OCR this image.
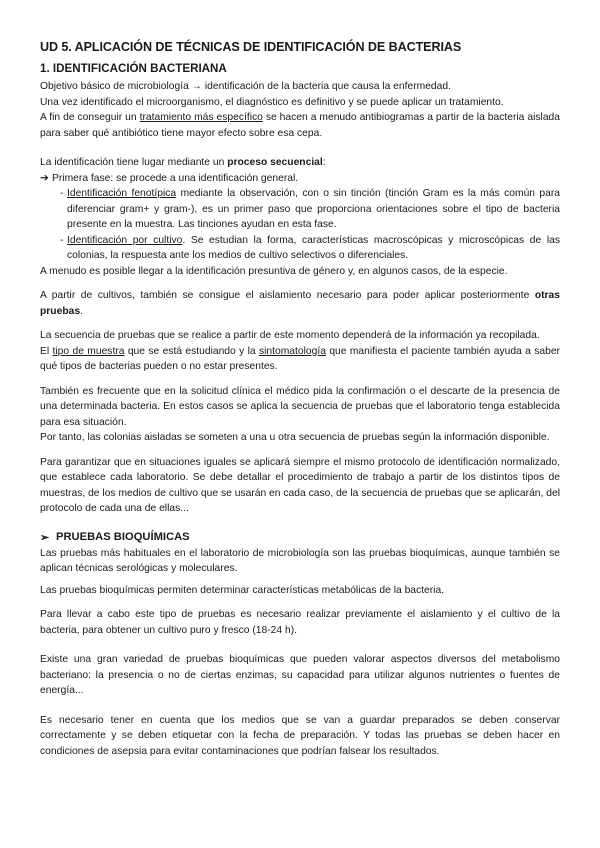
UD 5. APLICACIÓN DE TÉCNICAS DE IDENTIFICACIÓN DE BACTERIAS
1. IDENTIFICACIÓN BACTERIANA

Objetivo básico de microbiología → identificación de la bacteria que causa la enfermedad.

Una vez identificado el microorganismo, el diagnóstico es definitivo y se puede aplicar un tratamiento.

A fin de conseguir un tratamiento más específico se hacen a menudo antibiogramas a partir de la bacteria aislada para saber qué antibiótico tiene mayor efecto sobre esa cepa.

La identificación tiene lugar mediante un proceso secuencial:

➔ Primera fase: se procede a una identificación general.

- Identificación fenotípica mediante la observación, con o sin tinción (tinción Gram es la más común para diferenciar gram+ y gram-), es un primer paso que proporciona orientaciones sobre el tipo de bacteria presente en la muestra. Las tinciones ayudan en esta fase.

- Identificación por cultivo. Se estudian la forma, características macroscópicas y microscópicas de las colonias, la respuesta ante los medios de cultivo selectivos o diferenciales.

A menudo es posible llegar a la identificación presuntiva de género y, en algunos casos, de la especie.

A partir de cultivos, también se consigue el aislamiento necesario para poder aplicar posteriormente otras pruebas.

La secuencia de pruebas que se realice a partir de este momento dependerá de la información ya recopilada.

El tipo de muestra que se está estudiando y la sintomatología que manifiesta el paciente también ayuda a saber qué tipos de bacterias pueden o no estar presentes.

También es frecuente que en la solicitud clínica el médico pida la confirmación o el descarte de la presencia de una determinada bacteria. En estos casos se aplica la secuencia de pruebas que el laboratorio tenga establecida para esa situación.

Por tanto, las colonias aisladas se someten a una u otra secuencia de pruebas según la información disponible.

Para garantizar que en situaciones iguales se aplicará siempre el mismo protocolo de identificación normalizado, que establece cada laboratorio. Se debe detallar el procedimiento de trabajo a partir de los distintos tipos de muestras, de los medios de cultivo que se usarán en cada caso, de la secuencia de pruebas que se aplicarán, del protocolo de cada una de ellas...

➢ PRUEBAS BIOQUÍMICAS

Las pruebas más habituales en el laboratorio de microbiología son las pruebas bioquímicas, aunque también se aplican técnicas serológicas y moleculares.

Las pruebas bioquímicas permiten determinar características metabólicas de la bacteria.

Para llevar a cabo este tipo de pruebas es necesario realizar previamente el aislamiento y el cultivo de la bacteria, para obtener un cultivo puro y fresco (18-24 h).

Existe una gran variedad de pruebas bioquímicas que pueden valorar aspectos diversos del metabolismo bacteriano: la presencia o no de ciertas enzimas, su capacidad para utilizar algunos nutrientes o fuentes de energía...

Es necesario tener en cuenta que los medios que se van a guardar preparados se deben conservar correctamente y se deben etiquetar con la fecha de preparación. Y todas las pruebas se deben hacer en condiciones de asepsia para evitar contaminaciones que podrían falsear los resultados.
